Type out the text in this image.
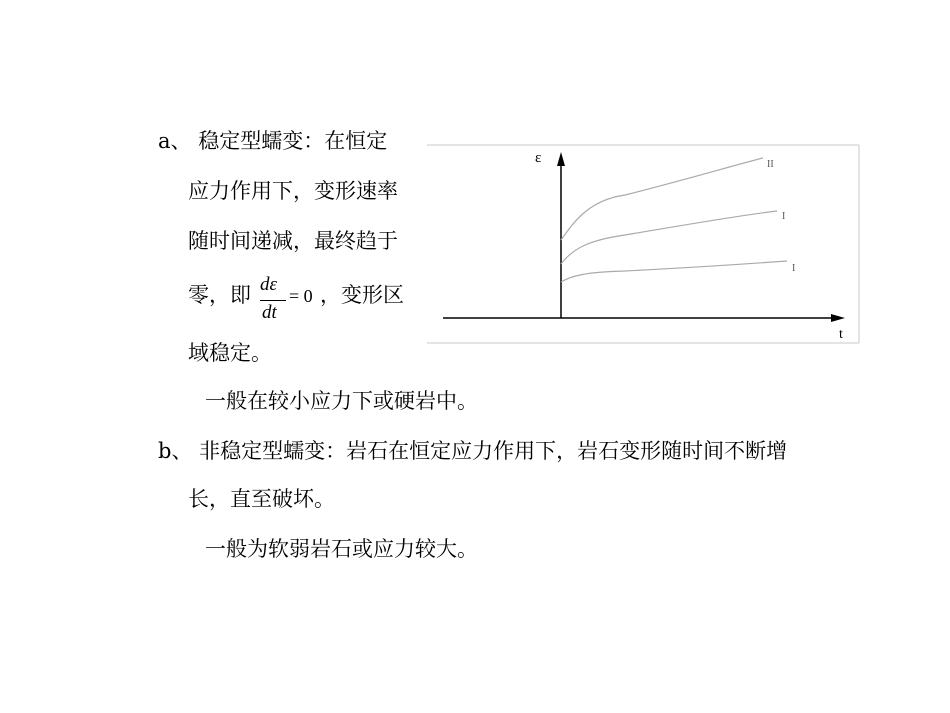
a、 稳定型蠕变：在恒定
应力作用下，变形速率
随时间递减，最终趋于
零，即 dε
dt
= 0 ，变形区
域稳定。
一般在较小应力下或硬岩中。
b、 非稳定型蠕变：岩石在恒定应力作用下，岩石变形随时间不断增
长，直至破坏。
一般为软弱岩石或应力较大。
ε
t
II
I
I
